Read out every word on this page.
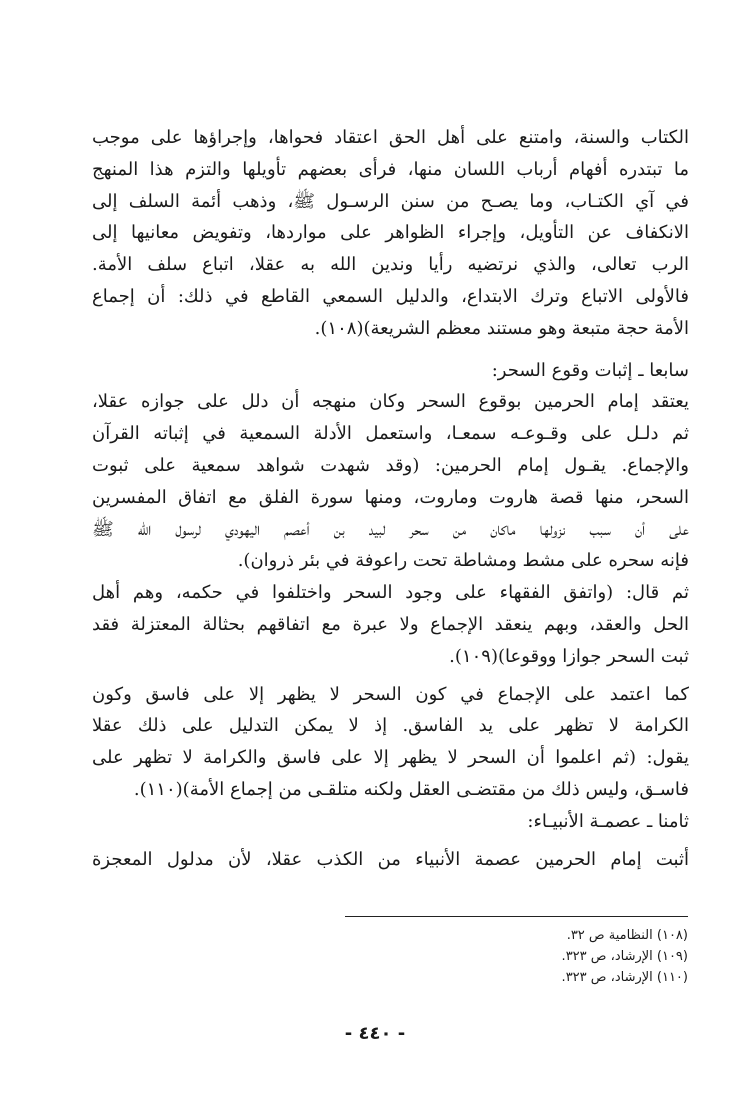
الكتاب والسنة، وامتنع على أهل الحق اعتقاد فحواها، وإجراؤها على موجب
ما تبتدره أفهام أرباب اللسان منها، فرأى بعضهم تأويلها والتزم هذا المنهج
في آي الكتـاب، وما يصـح من سنن الرسـول ﷺ، وذهب أئمة السلف إلى
الانكفاف عن التأويل، وإجراء الظواهر على مواردها، وتفويض معانيها إلى
الرب تعالى، والذي نرتضيه رأيا وندين الله به عقلا، اتباع سلف الأمة.
فالأولى الاتباع وترك الابتداع، والدليل السمعي القاطع في ذلك: أن إجماع
الأمة حجة متبعة وهو مستند معظم الشريعة)(١٠٨).
سابعا ـ إثبات وقوع السحر:
يعتقد إمام الحرمين بوقوع السحر وكان منهجه أن دلل على جوازه عقلا،
ثم دلـل على وقـوعـه سمعـا، واستعمل الأدلة السمعية في إثباته القرآن
والإجماع. يقـول إمام الحرمين: (وقد شهدت شواهد سمعية على ثبوت
السحر، منها قصة هاروت وماروت، ومنها سورة الفلق مع اتفاق المفسرين
على أن سبب نزولها ماكان من سحر لبيد بن أعصم اليهودي لرسول الله ﷺ
فإنه سحره على مشط ومشاطة تحت راعوفة في بئر ذروان).
ثم قال: (واتفق الفقهاء على وجود السحر واختلفوا في حكمه، وهم أهل
الحل والعقد، وبهم ينعقد الإجماع ولا عبرة مع اتفاقهم بحثالة المعتزلة فقد
ثبت السحر جوازا ووقوعا)(١٠٩).
كما اعتمد على الإجماع في كون السحر لا يظهر إلا على فاسق وكون
الكرامة لا تظهر على يد الفاسق. إذ لا يمكن التدليل على ذلك عقلا
يقول: (ثم اعلموا أن السحر لا يظهر إلا على فاسق والكرامة لا تظهر على
فاسـق، وليس ذلك من مقتضـى العقل ولكنه متلقـى من إجماع الأمة)(١١٠).
ثامنا ـ عصمـة الأنبيـاء:
أثبت إمام الحرمين عصمة الأنبياء من الكذب عقلا، لأن مدلول المعجزة
(١٠٨) النظامية ص ٣٢.
(١٠٩) الإرشاد، ص ٣٢٣.
(١١٠) الإرشاد، ص ٣٢٣.
- ٤٤٠ -
